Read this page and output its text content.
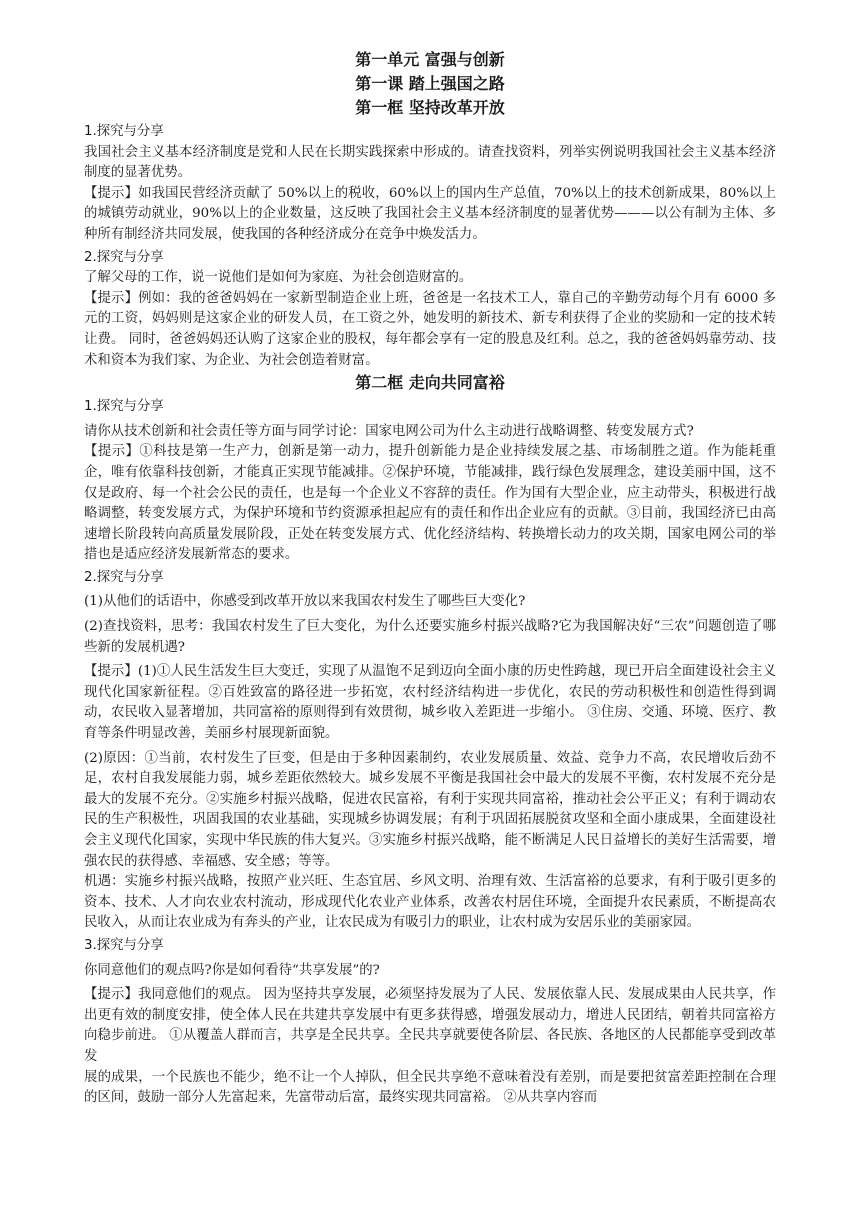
第一单元 富强与创新

第一课 踏上强国之路

第一框 坚持改革开放

1.探究与分享

我国社会主义基本经济制度是党和人民在长期实践探索中形成的。请查找资料，列举实例说明我国社会主义基本经济制度的显著优势。

【提示】如我国民营经济贡献了 50%以上的税收，60%以上的国内生产总值，70%以上的技术创新成果，80%以上的城镇劳动就业，90%以上的企业数量，这反映了我国社会主义基本经济制度的显著优势———以公有制为主体、多种所有制经济共同发展，使我国的各种经济成分在竞争中焕发活力。

2.探究与分享

了解父母的工作，说一说他们是如何为家庭、为社会创造财富的。

【提示】例如：我的爸爸妈妈在一家新型制造企业上班，爸爸是一名技术工人，靠自己的辛勤劳动每个月有 6000 多元的工资，妈妈则是这家企业的研发人员，在工资之外，她发明的新技术、新专利获得了企业的奖励和一定的技术转让费。 同时，爸爸妈妈还认购了这家企业的股权，每年都会享有一定的股息及红利。总之，我的爸爸妈妈靠劳动、技术和资本为我们家、为企业、为社会创造着财富。

第二框 走向共同富裕

1.探究与分享

请你从技术创新和社会责任等方面与同学讨论：国家电网公司为什么主动进行战略调整、转变发展方式?

【提示】①科技是第一生产力，创新是第一动力，提升创新能力是企业持续发展之基、市场制胜之道。作为能耗重企，唯有依靠科技创新，才能真正实现节能减排。②保护环境，节能减排，践行绿色发展理念，建设美丽中国，这不仅是政府、每一个社会公民的责任，也是每一个企业义不容辞的责任。作为国有大型企业，应主动带头，积极进行战略调整，转变发展方式，为保护环境和节约资源承担起应有的责任和作出企业应有的贡献。③目前，我国经济已由高速增长阶段转向高质量发展阶段，正处在转变发展方式、优化经济结构、转换增长动力的攻关期，国家电网公司的举措也是适应经济发展新常态的要求。

2.探究与分享

(1)从他们的话语中，你感受到改革开放以来我国农村发生了哪些巨大变化?

(2)查找资料，思考：我国农村发生了巨大变化，为什么还要实施乡村振兴战略?它为我国解决好“三农”问题创造了哪些新的发展机遇?

【提示】(1)①人民生活发生巨大变迁，实现了从温饱不足到迈向全面小康的历史性跨越，现已开启全面建设社会主义现代化国家新征程。②百姓致富的路径进一步拓宽，农村经济结构进一步优化，农民的劳动积极性和创造性得到调动，农民收入显著增加，共同富裕的原则得到有效贯彻，城乡收入差距进一步缩小。 ③住房、交通、环境、医疗、教育等条件明显改善，美丽乡村展现新面貌。

(2)原因：①当前，农村发生了巨变，但是由于多种因素制约，农业发展质量、效益、竞争力不高，农民增收后劲不足，农村自我发展能力弱，城乡差距依然较大。城乡发展不平衡是我国社会中最大的发展不平衡，农村发展不充分是最大的发展不充分。②实施乡村振兴战略，促进农民富裕，有利于实现共同富裕，推动社会公平正义；有利于调动农民的生产积极性，巩固我国的农业基础，实现城乡协调发展；有利于巩固拓展脱贫攻坚和全面小康成果，全面建设社会主义现代化国家，实现中华民族的伟大复兴。③实施乡村振兴战略，能不断满足人民日益增长的美好生活需要，增强农民的获得感、幸福感、安全感；等等。

机遇：实施乡村振兴战略，按照产业兴旺、生态宜居、乡风文明、治理有效、生活富裕的总要求，有利于吸引更多的资本、技术、人才向农业农村流动，形成现代化农业产业体系，改善农村居住环境，全面提升农民素质，不断提高农民收入，从而让农业成为有奔头的产业，让农民成为有吸引力的职业，让农村成为安居乐业的美丽家园。

3.探究与分享

你同意他们的观点吗?你是如何看待“共享发展”的?

【提示】我同意他们的观点。 因为坚持共享发展，必须坚持发展为了人民、发展依靠人民、发展成果由人民共享，作出更有效的制度安排，使全体人民在共建共享发展中有更多获得感，增强发展动力，增进人民团结，朝着共同富裕方向稳步前进。 ①从覆盖人群而言，共享是全民共享。全民共享就要使各阶层、各民族、各地区的人民都能享受到改革发

展的成果，一个民族也不能少，绝不让一个人掉队，但全民共享绝不意味着没有差别，而是要把贫富差距控制在合理的区间，鼓励一部分人先富起来，先富带动后富，最终实现共同富裕。 ②从共享内容而
